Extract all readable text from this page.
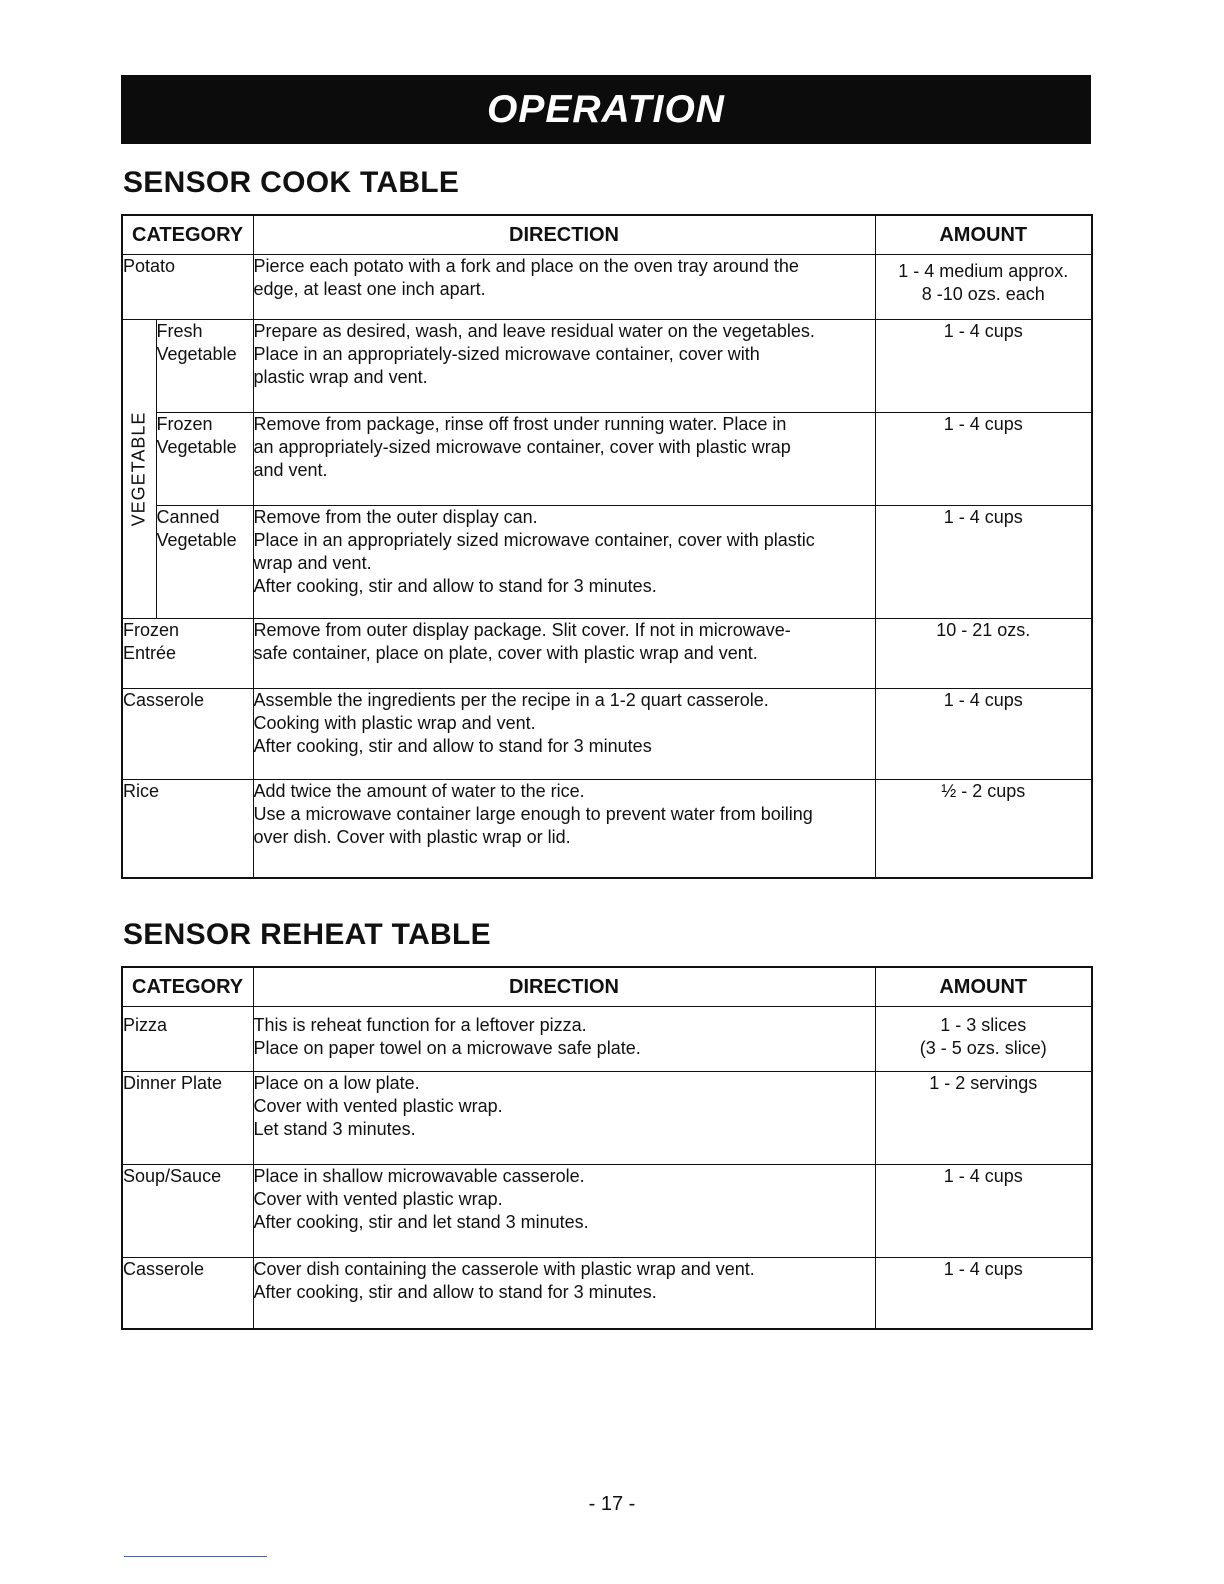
OPERATION
SENSOR COOK TABLE
CATEGORY		DIRECTION	AMOUNT
Potato		Pierce each potato with a fork and place on the oven tray around the
edge, at least one inch apart.	1 - 4 medium approx.
8 -10 ozs. each

VEGETABLE	Fresh
Vegetable	Prepare as desired, wash, and leave residual water on the vegetables.
Place in an appropriately-sized microwave container, cover with
plastic wrap and vent.	1 - 4 cups

	Frozen
Vegetable	Remove from package, rinse off frost under running water. Place in
an appropriately-sized microwave container, cover with plastic wrap
and vent.	1 - 4 cups

	Canned
Vegetable	Remove from the outer display can.
Place in an appropriately sized microwave container, cover with plastic
wrap and vent.
After cooking, stir and allow to stand for 3 minutes.	1 - 4 cups

Frozen
Entrée		Remove from outer display package. Slit cover. If not in microwave-
safe container, place on plate, cover with plastic wrap and vent.	10 - 21 ozs.
Casserole		Assemble the ingredients per the recipe in a 1-2 quart casserole.
Cooking with plastic wrap and vent.
After cooking, stir and allow to stand for 3 minutes	1 - 4 cups
Rice		Add twice the amount of water to the rice.
Use a microwave container large enough to prevent water from boiling
over dish. Cover with plastic wrap or lid.	½ - 2 cups
SENSOR REHEAT TABLE
CATEGORY	DIRECTION	AMOUNT
Pizza	This is reheat function for a leftover pizza.
Place on paper towel on a microwave safe plate.	1 - 3 slices
(3 - 5 ozs. slice)

Dinner Plate	Place on a low plate.
Cover with vented plastic wrap.
Let stand 3 minutes.	1 - 2 servings
Soup/Sauce	Place in shallow microwavable casserole.
Cover with vented plastic wrap.
After cooking, stir and let stand 3 minutes.	1 - 4 cups
Casserole	Cover dish containing the casserole with plastic wrap and vent.
After cooking, stir and allow to stand for 3 minutes.	1 - 4 cups
- 17 -
